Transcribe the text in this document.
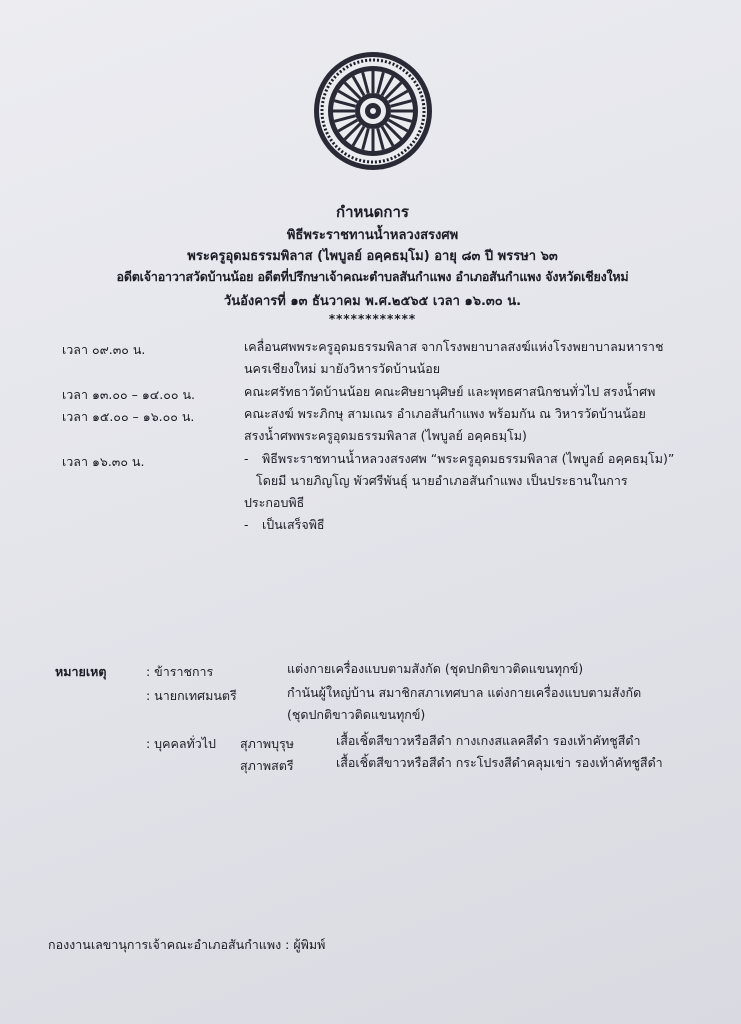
กำหนดการ
พิธีพระราชทานน้ำหลวงสรงศพ
พระครูอุดมธรรมพิลาส (ไพบูลย์ อคฺคธมฺโม) อายุ ๘๓ ปี พรรษา ๖๓
อดีตเจ้าอาวาสวัดบ้านน้อย อดีตที่ปรึกษาเจ้าคณะตำบลสันกำแพง อำเภอสันกำแพง จังหวัดเชียงใหม่
วันอังคารที่ ๑๓ ธันวาคม พ.ศ.๒๕๖๕ เวลา ๑๖.๓๐ น.
************
เวลา ๐๙.๓๐ น.	เคลื่อนศพพระครูอุดมธรรมพิลาส จากโรงพยาบาลสงฆ์แห่งโรงพยาบาลมหาราช
นครเชียงใหม่ มายังวิหารวัดบ้านน้อย
เวลา ๑๓.๐๐ – ๑๔.๐๐ น.	คณะศรัทธาวัดบ้านน้อย คณะศิษยานุศิษย์ และพุทธศาสนิกชนทั่วไป สรงน้ำศพ
เวลา ๑๕.๐๐ – ๑๖.๐๐ น.	คณะสงฆ์ พระภิกษุ สามเณร อำเภอสันกำแพง พร้อมกัน ณ วิหารวัดบ้านน้อย
สรงน้ำศพพระครูอุดมธรรมพิลาส (ไพบูลย์ อคฺคธมฺโม)
เวลา ๑๖.๓๐ น.	- พิธีพระราชทานน้ำหลวงสรงศพ “พระครูอุดมธรรมพิลาส (ไพบูลย์ อคฺคธมฺโม)”
โดยมี นายภิญโญ พัวศรีพันธุ์ นายอำเภอสันกำแพง เป็นประธานในการ
ประกอบพิธี
- เป็นเสร็จพิธี
หมายเหตุ	: ข้าราชการ	แต่งกายเครื่องแบบตามสังกัด (ชุดปกติขาวติดแขนทุกข์)
: นายกเทศมนตรี	กำนันผู้ใหญ่บ้าน สมาชิกสภาเทศบาล แต่งกายเครื่องแบบตามสังกัด
(ชุดปกติขาวติดแขนทุกข์)
: บุคคลทั่วไป สุภาพบุรุษ	เสื้อเชิ้ตสีขาวหรือสีดำ กางเกงสแลคสีดำ รองเท้าคัทชูสีดำ
สุภาพสตรี	เสื้อเชิ้ตสีขาวหรือสีดำ กระโปรงสีดำคลุมเข่า รองเท้าคัทชูสีดำ
กองงานเลขานุการเจ้าคณะอำเภอสันกำแพง : ผู้พิมพ์
